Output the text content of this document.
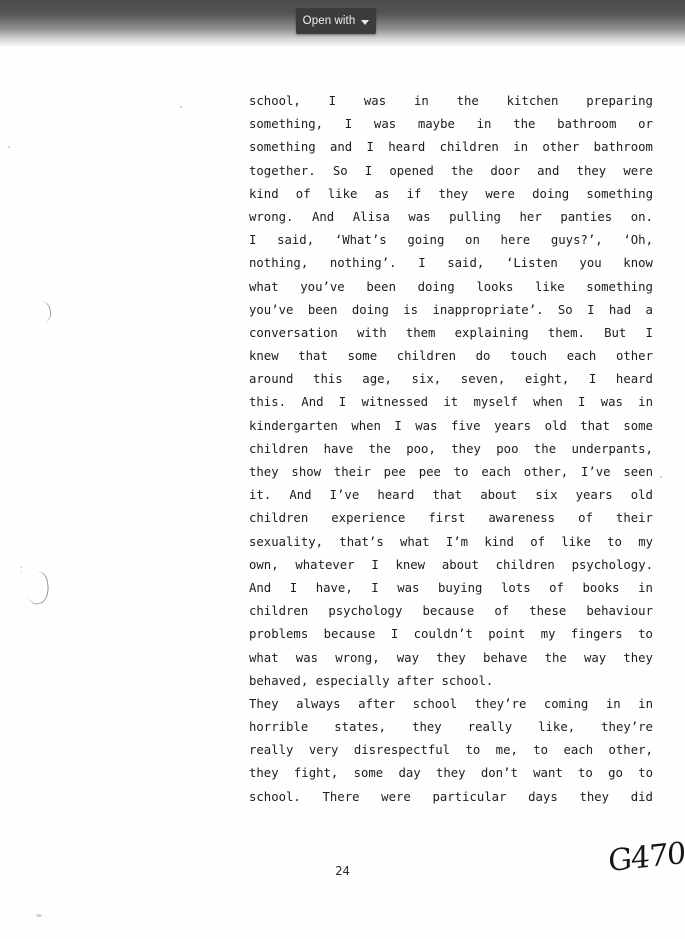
Open with
:
school, I was in the kitchen preparing
something, I was maybe in the bathroom or
something and I heard children in other bathroom
together. So I opened the door and they were
kind of like as if they were doing something
wrong. And Alisa was pulling her panties on.
I said, ‘What’s going on here guys?’, ‘Oh,
nothing, nothing’. I said, ‘Listen you know
what you’ve been doing looks like something
you’ve been doing is inappropriate’. So I had a
conversation with them explaining them. But I
knew that some children do touch each other
around this age, six, seven, eight, I heard
this. And I witnessed it myself when I was in
kindergarten when I was five years old that some
children have the poo, they poo the underpants,
they show their pee pee to each other, I’ve seen
it. And I’ve heard that about six years old
children experience first awareness of their
sexuality, that’s what I’m kind of like to my
own, whatever I knew about children psychology.
And I have, I was buying lots of books in
children psychology because of these behaviour
problems because I couldn’t point my fingers to
what was wrong, way they behave the way they
behaved, especially after school.
They always after school they’re coming in in
horrible states, they really like, they’re
really very disrespectful to me, to each other,
they fight, some day they don’t want to go to
school. There were particular days they did
24	G470
